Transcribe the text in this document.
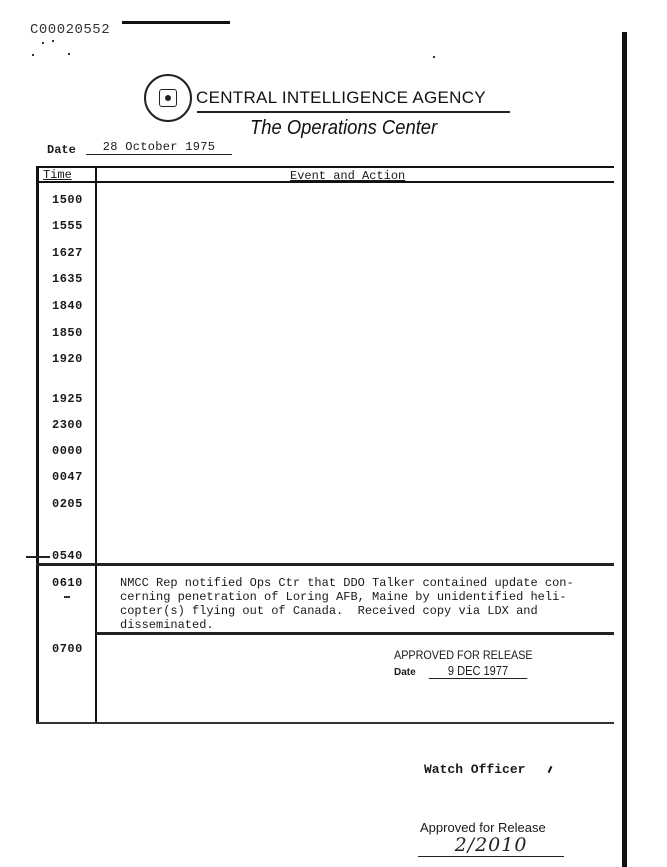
C00020552
CENTRAL INTELLIGENCE AGENCY
The Operations Center
Date	28 October 1975
Time	Event and Action
1500
1555
1627
1635
1840
1850
1920
1925
2300
0000
0047
0205
0540
0610	NMCC Rep notified Ops Ctr that DDO Talker contained update con-
cerning penetration of Loring AFB, Maine by unidentified heli-
copter(s) flying out of Canada.  Received copy via LDX and
disseminated.
0700	APPROVED FOR RELEASE
Date	9 DEC 1977
Watch Officer
Approved for Release
2/2010
